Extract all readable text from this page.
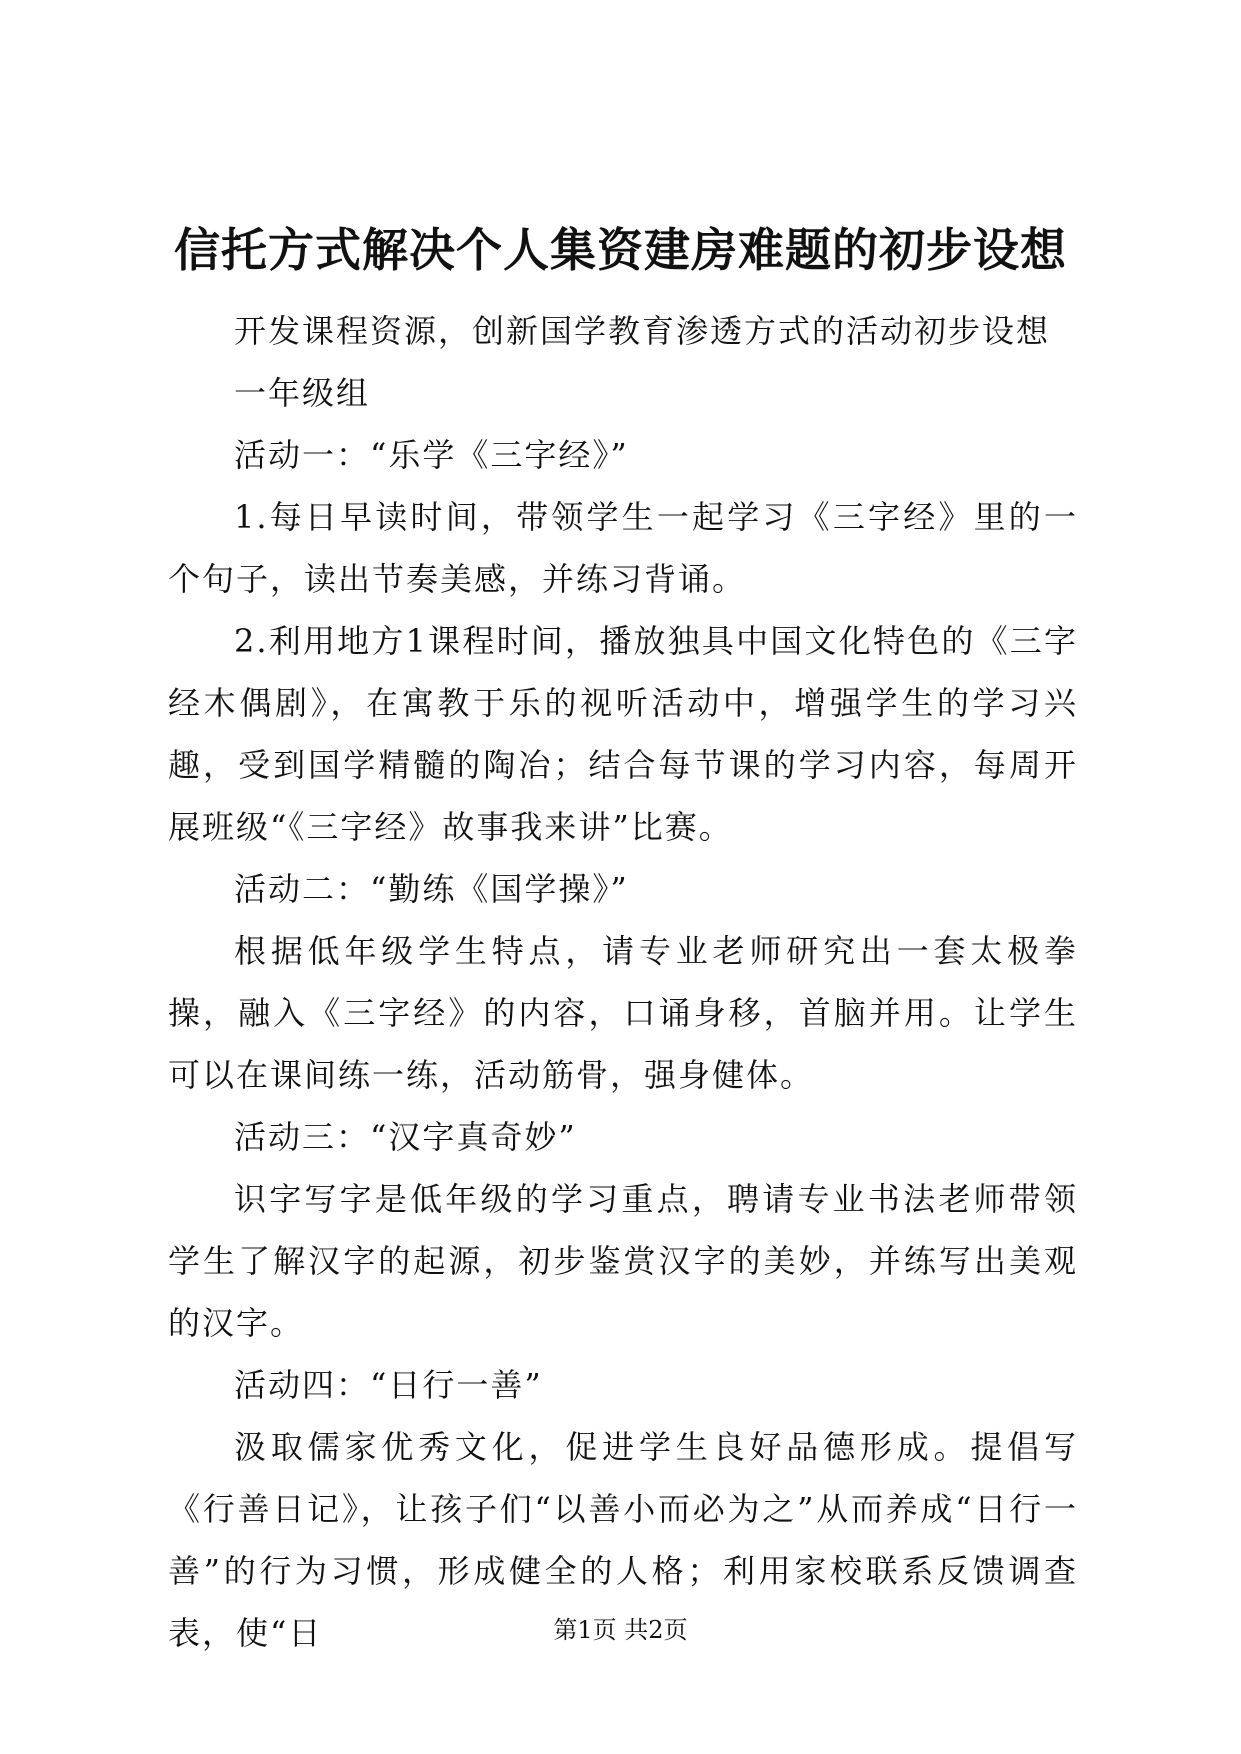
信托方式解决个人集资建房难题的初步设想

开发课程资源，创新国学教育渗透方式的活动初步设想

一年级组

活动一：“乐学《三字经》”

1.每日早读时间，带领学生一起学习《三字经》里的一个句子，读出节奏美感，并练习背诵。

2.利用地方1课程时间，播放独具中国文化特色的《三字经木偶剧》，在寓教于乐的视听活动中，增强学生的学习兴趣，受到国学精髓的陶冶；结合每节课的学习内容，每周开展班级“《三字经》故事我来讲”比赛。

活动二：“勤练《国学操》”

根据低年级学生特点，请专业老师研究出一套太极拳操，融入《三字经》的内容，口诵身移，首脑并用。让学生可以在课间练一练，活动筋骨，强身健体。

活动三：“汉字真奇妙”

识字写字是低年级的学习重点，聘请专业书法老师带领学生了解汉字的起源，初步鉴赏汉字的美妙，并练写出美观的汉字。

活动四：“日行一善”

汲取儒家优秀文化，促进学生良好品德形成。提倡写《行善日记》，让孩子们“以善小而必为之”从而养成“日行一善”的行为习惯，形成健全的人格；利用家校联系反馈调查表，使“日	第1页 共2页
